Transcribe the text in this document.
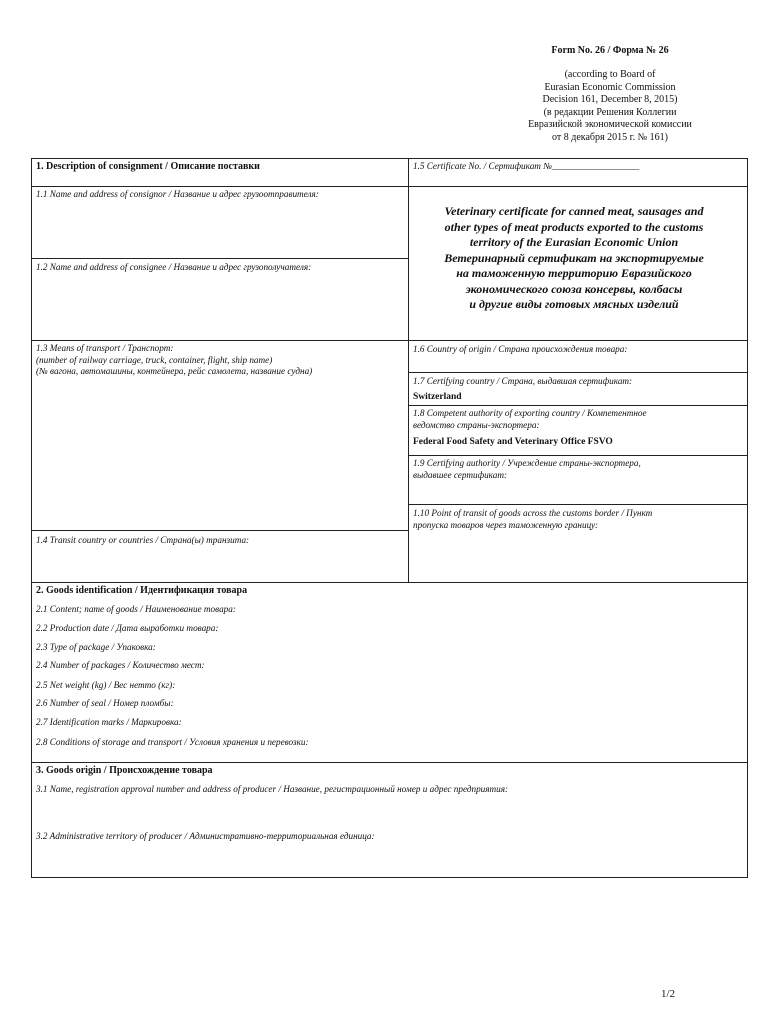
Form No. 26 / Форма № 26
(according to Board of
Eurasian Economic Commission
Decision 161, December 8, 2015)
(в редакции Решения Коллегии
Евразийской экономической комиссии
от 8 декабря 2015 г. № 161)
1. Description of consignment / Описание поставки
1.1 Name and address of consignor / Название и адрес грузоотправителя:
1.2 Name and address of consignee / Название и адрес грузополучателя:
1.3 Means of transport / Транспорт:
(number of railway carriage, truck, container, flight, ship name)
(№ вагона, автомашины, контейнера, рейс самолета, название судна)
1.4 Transit country or countries / Страна(ы) транзита:
1.5 Certificate No. / Сертификат №___________________
Veterinary certificate for canned meat, sausages and
other types of meat products exported to the customs
territory of the Eurasian Economic Union
Ветеринарный сертификат на экспортируемые
на таможенную территорию Евразийского
экономического союза консервы, колбасы
и другие виды готовых мясных изделий
1.6 Country of origin / Страна происхождения товара:
1.7 Certifying country / Страна, выдавшая сертификат:
Switzerland
1.8 Competent authority of exporting country / Компетентное
ведомство страны-экспортера:
Federal Food Safety and Veterinary Office FSVO
1.9 Certifying authority / Учреждение страны-экспортера,
выдавшее сертификат:
1.10 Point of transit of goods across the customs border / Пункт
пропуска товаров через таможенную границу:
2. Goods identification / Идентификация товара
2.1 Content; name of goods / Наименование товара:
2.2 Production date / Дата выработки товара:
2.3 Type of package / Упаковка:
2.4 Number of packages / Количество мест:
2.5 Net weight (kg) / Вес нетто (кг):
2.6 Number of seal / Номер пломбы:
2.7 Identification marks / Маркировка:
2.8 Conditions of storage and transport / Условия хранения и перевозки:
3. Goods origin / Происхождение товара
3.1 Name, registration approval number and address of producer / Название, регистрационный номер и адрес предприятия:
3.2 Administrative territory of producer / Административно-территориальная единица:
1/2
